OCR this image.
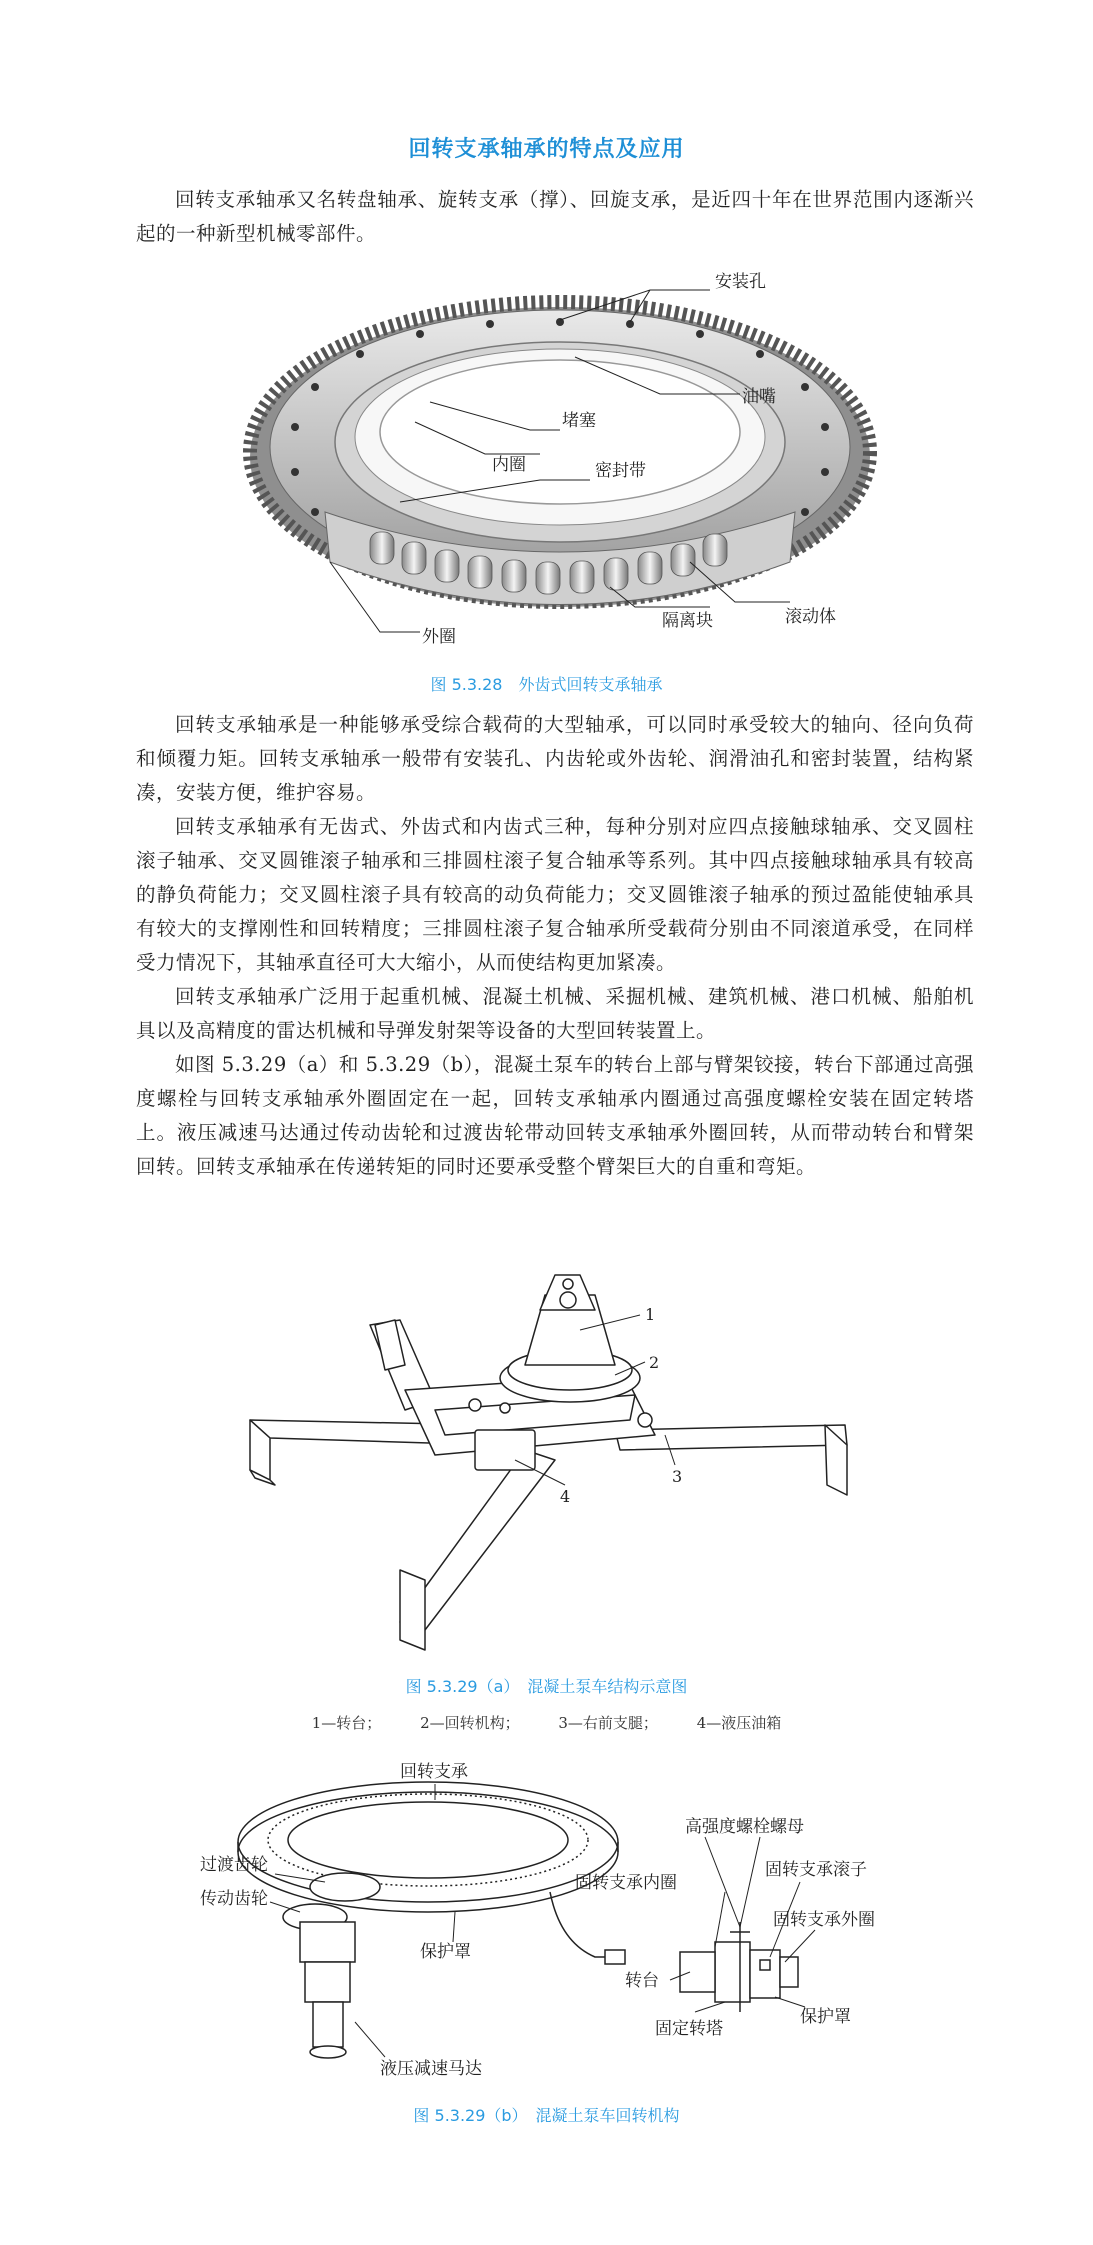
回转支承轴承的特点及应用
回转支承轴承又名转盘轴承、旋转支承（撑）、回旋支承，是近四十年在世界范围内逐渐兴起的一种新型机械零部件。
安装孔
油嘴
堵塞
内圈	密封带
外圈
隔离块	滚动体
图 5.3.28　外齿式回转支承轴承
回转支承轴承是一种能够承受综合载荷的大型轴承，可以同时承受较大的轴向、径向负荷和倾覆力矩。回转支承轴承一般带有安装孔、内齿轮或外齿轮、润滑油孔和密封装置，结构紧凑，安装方便，维护容易。
回转支承轴承有无齿式、外齿式和内齿式三种，每种分别对应四点接触球轴承、交叉圆柱滚子轴承、交叉圆锥滚子轴承和三排圆柱滚子复合轴承等系列。其中四点接触球轴承具有较高的静负荷能力；交叉圆柱滚子具有较高的动负荷能力；交叉圆锥滚子轴承的预过盈能使轴承具有较大的支撑刚性和回转精度；三排圆柱滚子复合轴承所受载荷分别由不同滚道承受，在同样受力情况下，其轴承直径可大大缩小，从而使结构更加紧凑。
回转支承轴承广泛用于起重机械、混凝土机械、采掘机械、建筑机械、港口机械、船舶机具以及高精度的雷达机械和导弹发射架等设备的大型回转装置上。
如图 5.3.29（a）和 5.3.29（b），混凝土泵车的转台上部与臂架铰接，转台下部通过高强度螺栓与回转支承轴承外圈固定在一起，回转支承轴承内圈通过高强度螺栓安装在固定转塔上。液压减速马达通过传动齿轮和过渡齿轮带动回转支承轴承外圈回转，从而带动转台和臂架回转。回转支承轴承在传递转矩的同时还要承受整个臂架巨大的自重和弯矩。
1
2
3
4
图 5.3.29（a）　混凝土泵车结构示意图
1—转台；	2—回转机构；	3—右前支腿；	4—液压油箱
回转支承
过渡齿轮
传动齿轮
保护罩
液压减速马达
高强度螺栓螺母
固转支承内圈
固转支承滚子
固转支承外圈
转台
保护罩
固定转塔
图 5.3.29（b）　混凝土泵车回转机构
